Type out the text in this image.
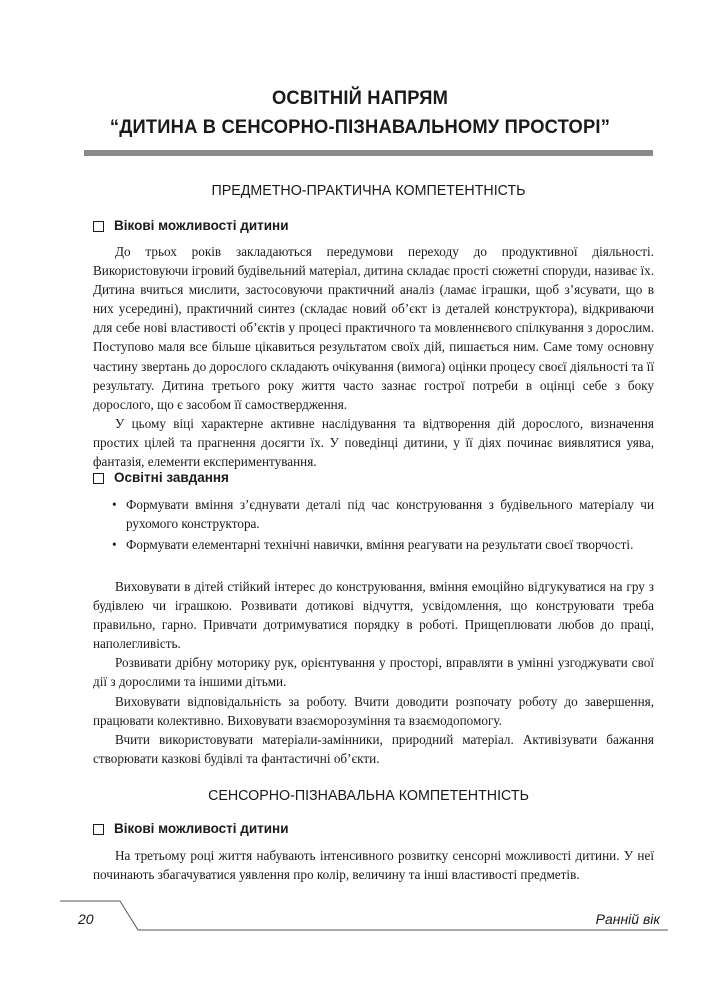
ОСВІТНІЙ НАПРЯМ
“ДИТИНА В СЕНСОРНО-ПІЗНАВАЛЬНОМУ ПРОСТОРІ”
ПРЕДМЕТНО-ПРАКТИЧНА КОМПЕТЕНТНІСТЬ
Вікові можливості дитини

До трьох років закладаються передумови переходу до продуктивної діяльності. Використовуючи ігровий будівельний матеріал, дитина складає прості сюжетні споруди, називає їх. Дитина вчиться мислити, застосовуючи практичний аналіз (ламає іграшки, щоб з’ясувати, що в них усередині), практичний синтез (складає новий об’єкт із деталей конструктора), відкриваючи для себе нові властивості об’єктів у процесі практичного та мовленнєвого спілкування з дорослим. Поступово маля все більше цікавиться результатом своїх дій, пишається ним. Саме тому основну частину звертань до дорослого складають очікування (вимога) оцінки процесу своєї діяльності та її результату. Дитина третього року життя часто зазнає гострої потреби в оцінці себе з боку дорослого, що є засобом її самоствердження.

У цьому віці характерне активне наслідування та відтворення дій дорослого, визначення простих цілей та прагнення досягти їх. У поведінці дитини, у її діях починає виявлятися уява, фантазія, елементи експериментування.

Освітні завдання
• Формувати вміння з’єднувати деталі під час конструювання з будівельного матеріалу чи рухомого конструктора.
• Формувати елементарні технічні навички, вміння реагувати на результати своєї творчості.

Виховувати в дітей стійкий інтерес до конструювання, вміння емоційно відгукуватися на гру з будівлею чи іграшкою. Розвивати дотикові відчуття, усвідомлення, що конструювати треба правильно, гарно. Привчати дотримуватися порядку в роботі. Прищеплювати любов до праці, наполегливість.

Розвивати дрібну моторику рук, орієнтування у просторі, вправляти в умінні узгоджувати свої дії з дорослими та іншими дітьми.

Виховувати відповідальність за роботу. Вчити доводити розпочату роботу до завершення, працювати колективно. Виховувати взаєморозуміння та взаємодопомогу.

Вчити використовувати матеріали-замінники, природний матеріал. Активізувати бажання створювати казкові будівлі та фантастичні об’єкти.

СЕНСОРНО-ПІЗНАВАЛЬНА КОМПЕТЕНТНІСТЬ
Вікові можливості дитини

На третьому році життя набувають інтенсивного розвитку сенсорні можливості дитини. У неї починають збагачуватися уявлення про колір, величину та інші властивості предметів.

20	Ранній вік
